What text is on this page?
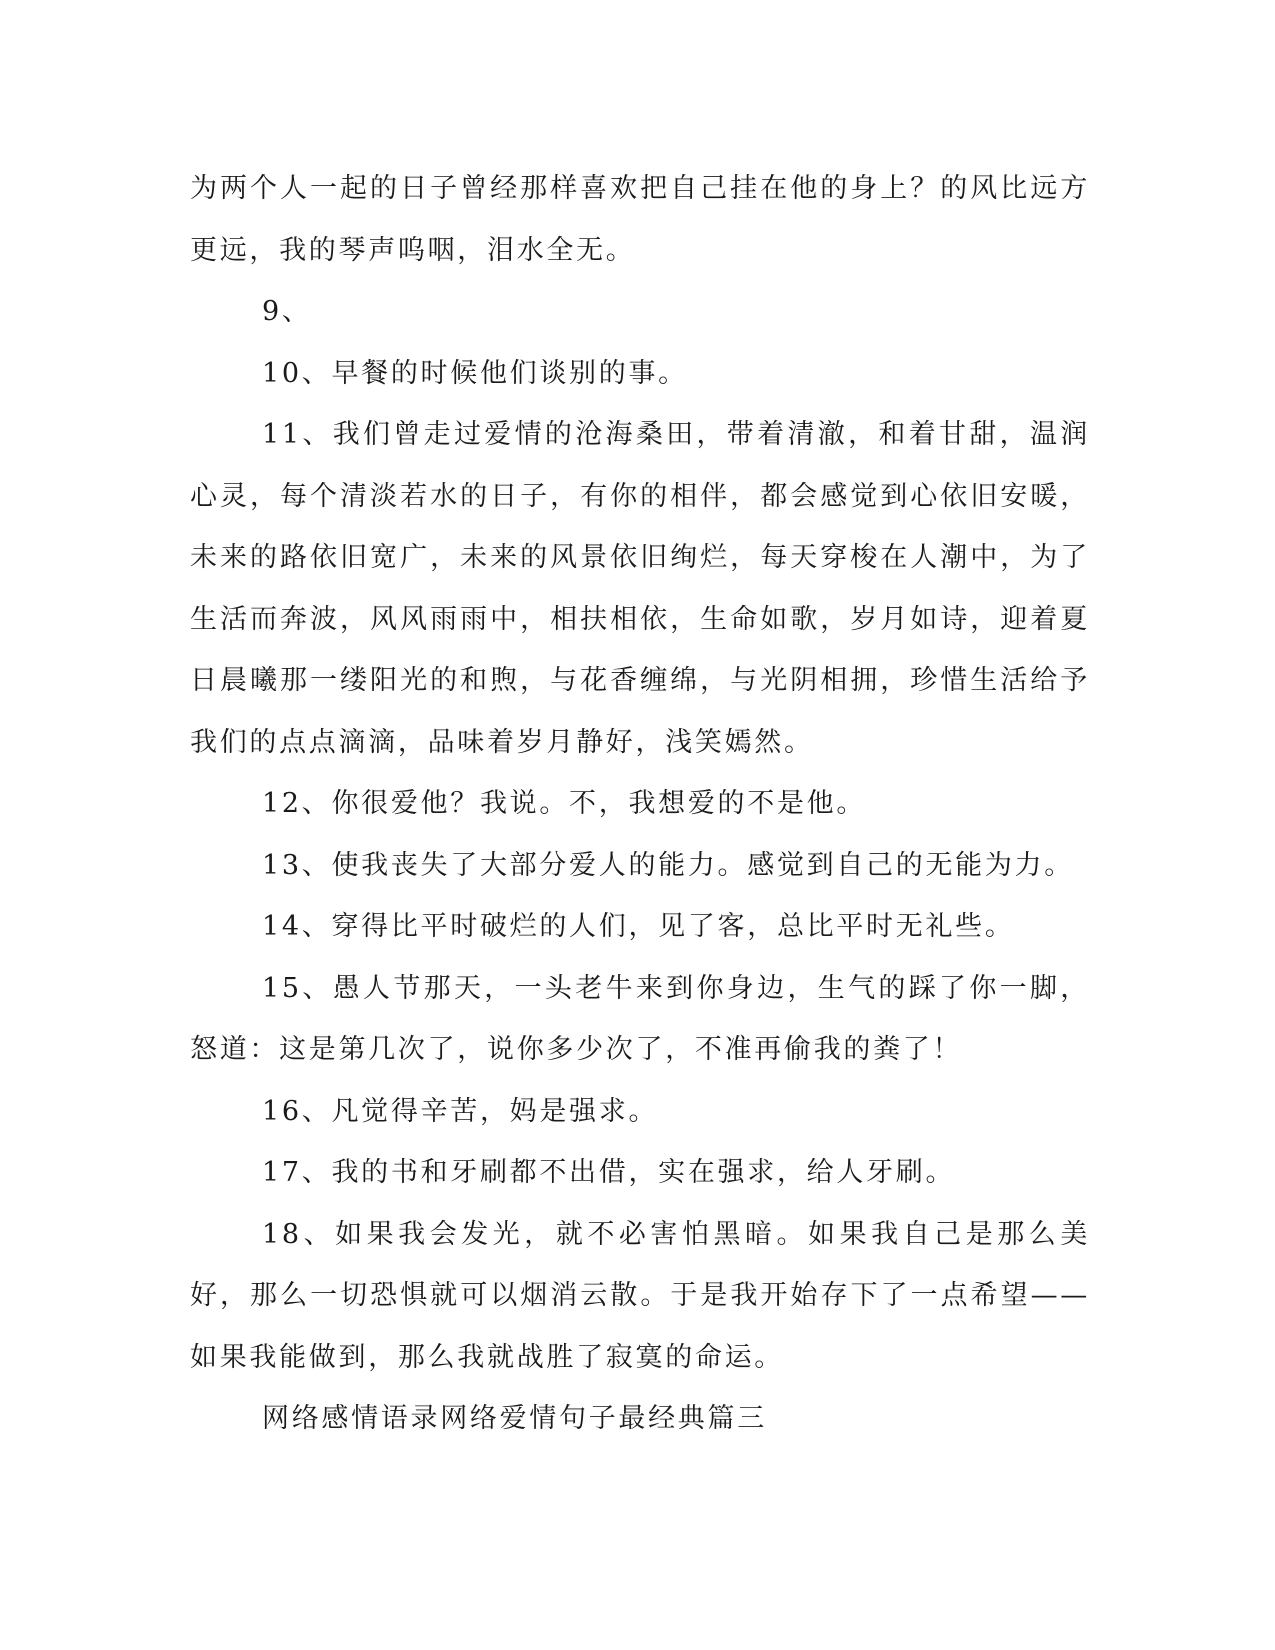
为两个人一起的日子曾经那样喜欢把自己挂在他的身上？的风比远方更远，我的琴声呜咽，泪水全无。

9、

10、早餐的时候他们谈别的事。

11、我们曾走过爱情的沧海桑田，带着清澈，和着甘甜，温润心灵，每个清淡若水的日子，有你的相伴，都会感觉到心依旧安暖，未来的路依旧宽广，未来的风景依旧绚烂，每天穿梭在人潮中，为了生活而奔波，风风雨雨中，相扶相依，生命如歌，岁月如诗，迎着夏日晨曦那一缕阳光的和煦，与花香缠绵，与光阴相拥，珍惜生活给予我们的点点滴滴，品味着岁月静好，浅笑嫣然。

12、你很爱他？我说。不，我想爱的不是他。

13、使我丧失了大部分爱人的能力。感觉到自己的无能为力。

14、穿得比平时破烂的人们，见了客，总比平时无礼些。

15、愚人节那天，一头老牛来到你身边，生气的踩了你一脚，怒道：这是第几次了，说你多少次了，不准再偷我的粪了！

16、凡觉得辛苦，妈是强求。

17、我的书和牙刷都不出借，实在强求，给人牙刷。

18、如果我会发光，就不必害怕黑暗。如果我自己是那么美好，那么一切恐惧就可以烟消云散。于是我开始存下了一点希望——如果我能做到，那么我就战胜了寂寞的命运。

网络感情语录网络爱情句子最经典篇三
